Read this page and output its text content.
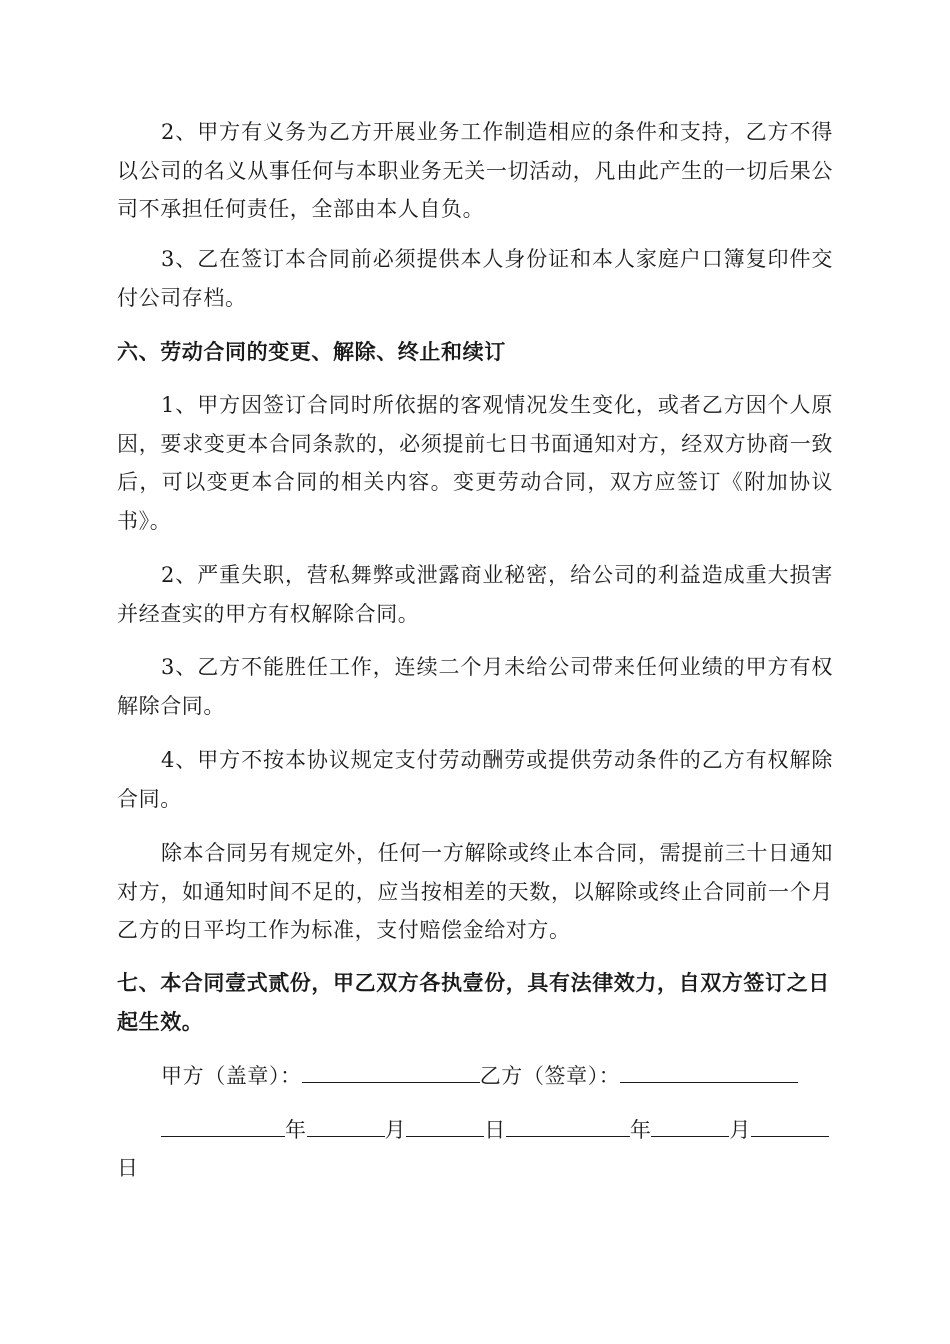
2、甲方有义务为乙方开展业务工作制造相应的条件和支持，乙方不得以公司的名义从事任何与本职业务无关一切活动，凡由此产生的一切后果公司不承担任何责任，全部由本人自负。

3、乙在签订本合同前必须提供本人身份证和本人家庭户口簿复印件交付公司存档。

六、劳动合同的变更、解除、终止和续订

1、甲方因签订合同时所依据的客观情况发生变化，或者乙方因个人原因，要求变更本合同条款的，必须提前七日书面通知对方，经双方协商一致后，可以变更本合同的相关内容。变更劳动合同，双方应签订《附加协议书》。

2、严重失职，营私舞弊或泄露商业秘密，给公司的利益造成重大损害并经查实的甲方有权解除合同。

3、乙方不能胜任工作，连续二个月未给公司带来任何业绩的甲方有权解除合同。

4、甲方不按本协议规定支付劳动酬劳或提供劳动条件的乙方有权解除合同。

除本合同另有规定外，任何一方解除或终止本合同，需提前三十日通知对方，如通知时间不足的，应当按相差的天数，以解除或终止合同前一个月乙方的日平均工作为标准，支付赔偿金给对方。

七、本合同壹式贰份，甲乙双方各执壹份，具有法律效力，自双方签订之日起生效。

甲方（盖章）：	乙方（签章）：
年	月	日	年	月
日
